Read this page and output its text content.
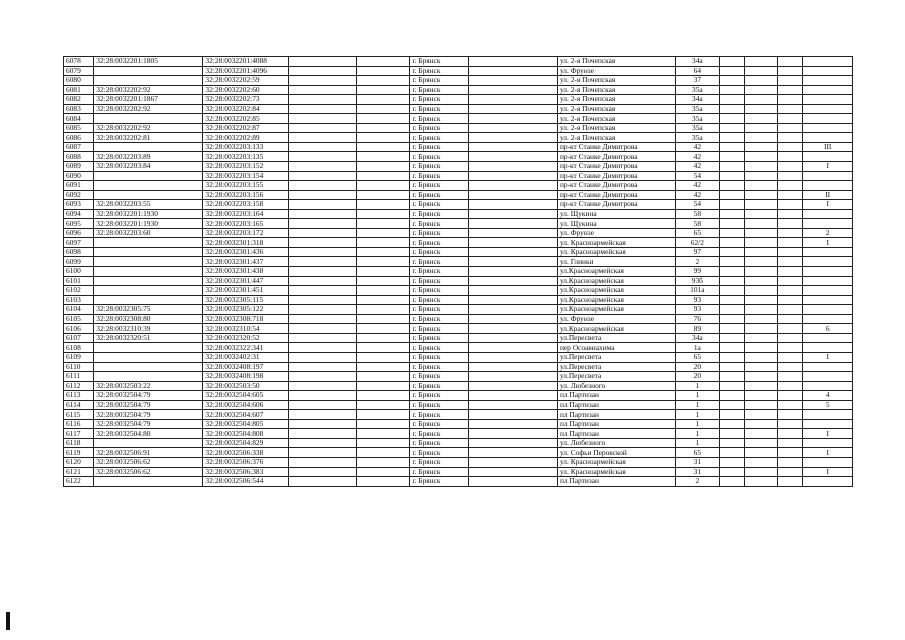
6078	32:28:0032201:1805	32:28:0032201:4088			г. Брянск		ул. 2-я Почепская	34а				
6079		32:28:0032201:4096			г. Брянск		ул. Фрунзе	64				
6080		32:28:0032202:59			г. Брянск		ул. 2-я Почепская	37				
6081	32:28:0032202:92	32:28:0032202:60			г. Брянск		ул. 2-я Почепская	35а				
6082	32:28:0032201:1867	32:28:0032202:73			г. Брянск		ул. 2-я Почепская	34а				
6083	32:28:0032202:92	32:28:0032202:84			г. Брянск		ул. 2-я Почепская	35а				
6084		32:28:0032202:85			г. Брянск		ул. 2-я Почепская	35а				
6085	32:28:0032202:92	32:28:0032202:87			г. Брянск		ул. 2-я Почепская	35а				
6086	32:28:0032202:81	32:28:0032202:89			г. Брянск		ул. 2-я Почепская	35а				
6087		32:28:0032203:133			г. Брянск		пр-кт Станке Димитрова	42				III
6088	32:28:0032203:89	32:28:0032203:135			г. Брянск		пр-кт Станке Димитрова	42				
6089	32:28:0032203:84	32:28:0032203:152			г. Брянск		пр-кт Станке Димитрова	42				I
6090		32:28:0032203:154			г. Брянск		пр-кт Станке Димитрова	54				
6091		32:28:0032203:155			г. Брянск		пр-кт Станке Димитрова	42				
6092		32:28:0032203:156			г. Брянск		пр-кт Станке Димитрова	42				II
6093	32:28:0032203:55	32:28:0032203:158			г. Брянск		пр-кт Станке Димитрова	54				I
6094	32:28:0032201:1930	32:28:0032203:164			г. Брянск		ул. Щукина	58				
6095	32:28:0032201:1930	32:28:0032203:165			г. Брянск		ул. Щукина	58				
6096	32:28:0032203:60	32:28:0032203:172			г. Брянск		ул. Фрунзе	65				2
6097		32:28:0032301:318			г. Брянск		ул. Красноармейская	62/2				I
6098		32:28:0032301:436			г. Брянск		ул. Красноармейская	97				
6099		32:28:0032301:437			г. Брянск		ул. Глинки	2				
6100		32:28:0032301:438			г. Брянск		ул.Красноармейская	99				
6101		32:28:0032301:447			г. Брянск		ул.Красноармейская	93б				
6102		32:28:0032301:451			г. Брянск		ул.Красноармейская	101а				
6103		32:28:0032305:115			г. Брянск		ул.Красноармейская	93				
6104	32:28:0032305:75	32:28:0032305:122			г. Брянск		ул.Красноармейская	93				
6105	32:28:0032308:80	32:28:0032308:718			г. Брянск		ул. Фрунзе	76				
6106	32:28:0032310:39	32:28:0032310:54			г. Брянск		ул.Красноармейская	89				6
6107	32:28:0032320:51	32:28:0032320:52			г. Брянск		ул.Пересвета	34а				
6108		32:28:0032322:341			г. Брянск		пер Осоавиахима	1а				
6109		32:28:0032402:31			г. Брянск		ул.Пересвета	65				I
6110		32:28:0032408:197			г. Брянск		ул.Пересвета	20				
6111		32:28:0032408:198			г. Брянск		ул.Пересвета	20				
6112	32:28:0032503:22	32:28:0032503:50			г. Брянск		ул. Любезного	1				
6113	32:28:0032504:79	32:28:0032504:605			г. Брянск		пл Партизан	1				4
6114	32:28:0032504:79	32:28:0032504:606			г. Брянск		пл Партизан	1				5
6115	32:28:0032504:79	32:28:0032504:607			г. Брянск		пл Партизан	1				
6116	32:28:0032504:79	32:28:0032504:805			г. Брянск		пл Партизан	1				
6117	32:28:0032504:80	32:28:0032504:808			г. Брянск		пл Партизан	1				I
6118		32:28:0032504:829			г. Брянск		ул. Любезного	1				
6119	32:28:0032506:91	32:28:0032506:338			г. Брянск		ул. Софьи Перовской	65				I
6120	32:28:0032506:62	32:28:0032506:376			г. Брянск		ул. Красноармейская	31				
6121	32:28:0032506:62	32:28:0032506:383			г. Брянск		ул. Красноармейская	31				I
6122		32:28:0032506:544			г. Брянск		пл Партизан	2				
